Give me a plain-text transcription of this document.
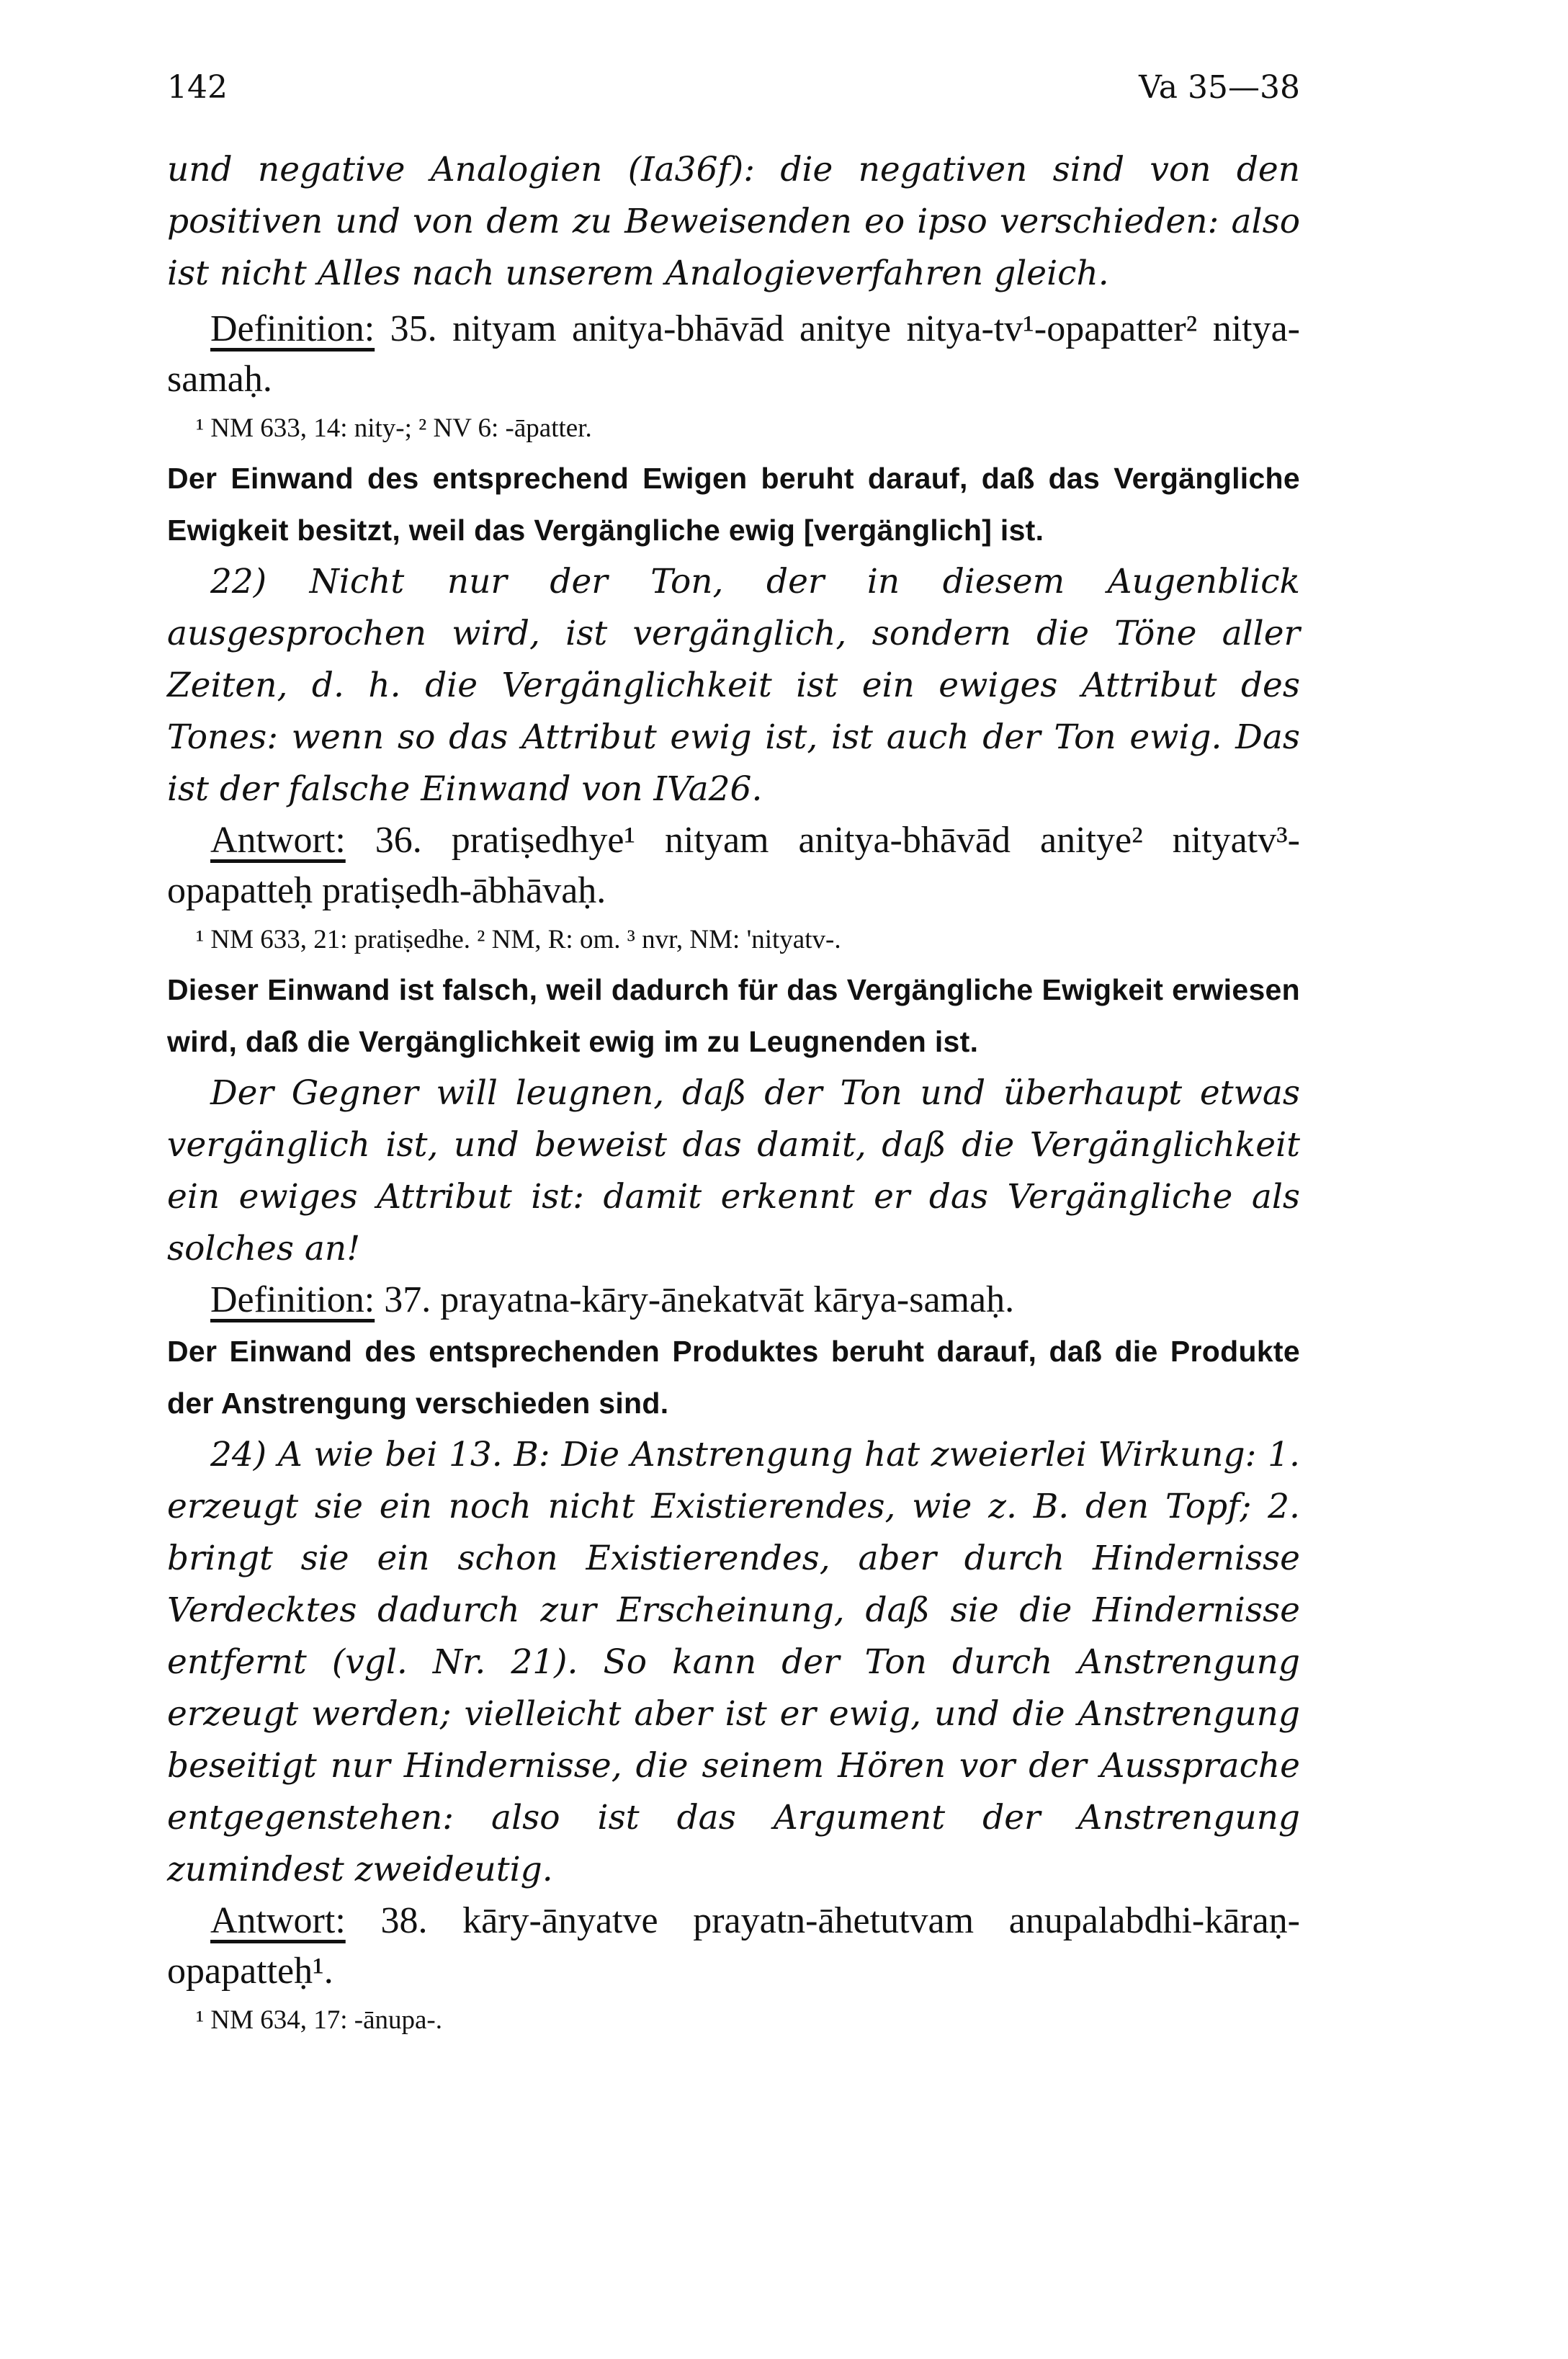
142	Va 35—38

und negative Analogien (Ia36f): die negativen sind von den positiven und von dem zu Beweisenden eo ipso verschieden: also ist nicht Alles nach unserem Analogieverfahren gleich.

Definition: 35. nityam anitya-bhāvād anitye nitya-tv¹-opapatter² nitya-samaḥ.

¹ NM 633, 14: nity-; ² NV 6: -āpatter.

Der Einwand des entsprechend Ewigen beruht darauf, daß das Vergängliche Ewigkeit besitzt, weil das Vergängliche ewig [vergänglich] ist.

22) Nicht nur der Ton, der in diesem Augenblick ausgesprochen wird, ist vergänglich, sondern die Töne aller Zeiten, d. h. die Vergänglichkeit ist ein ewiges Attribut des Tones: wenn so das Attribut ewig ist, ist auch der Ton ewig. Das ist der falsche Einwand von IVa26.

Antwort: 36. pratiṣedhye¹ nityam anitya-bhāvād anitye² nityatv³-opapatteḥ pratiṣedh-ābhāvaḥ.

¹ NM 633, 21: pratiṣedhe. ² NM, R: om. ³ nvr, NM: 'nityatv-.

Dieser Einwand ist falsch, weil dadurch für das Vergängliche Ewigkeit erwiesen wird, daß die Vergänglichkeit ewig im zu Leugnenden ist.

Der Gegner will leugnen, daß der Ton und überhaupt etwas vergänglich ist, und beweist das damit, daß die Vergänglichkeit ein ewiges Attribut ist: damit erkennt er das Vergängliche als solches an!

Definition: 37. prayatna-kāry-ānekatvāt kārya-samaḥ.

Der Einwand des entsprechenden Produktes beruht darauf, daß die Produkte der Anstrengung verschieden sind.

24) A wie bei 13. B: Die Anstrengung hat zweierlei Wirkung: 1. erzeugt sie ein noch nicht Existierendes, wie z. B. den Topf; 2. bringt sie ein schon Existierendes, aber durch Hindernisse Verdecktes dadurch zur Erscheinung, daß sie die Hindernisse entfernt (vgl. Nr. 21). So kann der Ton durch Anstrengung erzeugt werden; vielleicht aber ist er ewig, und die Anstrengung beseitigt nur Hindernisse, die seinem Hören vor der Aussprache entgegenstehen: also ist das Argument der Anstrengung zumindest zweideutig.

Antwort: 38. kāry-ānyatve prayatn-āhetutvam anupalabdhi-kāraṇ-opapatteḥ¹.

¹ NM 634, 17: -ānupa-.
